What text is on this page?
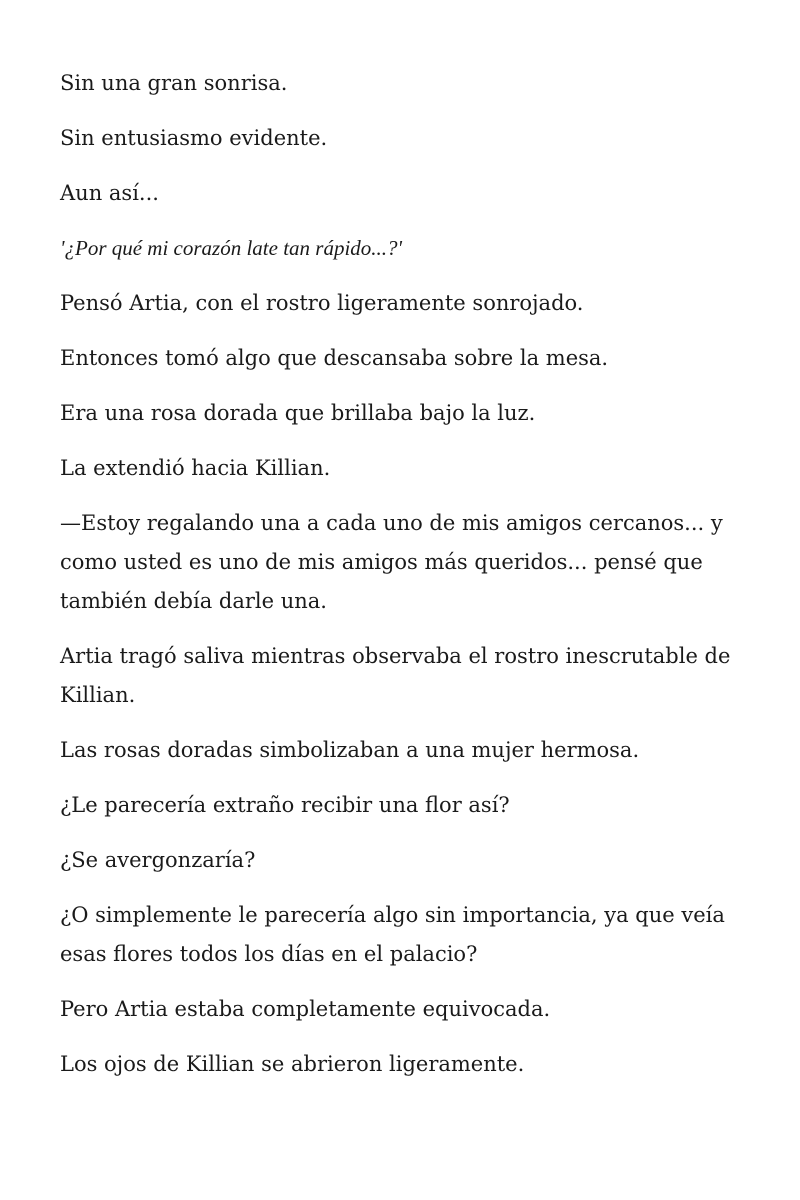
Sin una gran sonrisa.

Sin entusiasmo evidente.

Aun así...

'¿Por qué mi corazón late tan rápido...?'

Pensó Artia, con el rostro ligeramente sonrojado.

Entonces tomó algo que descansaba sobre la mesa.

Era una rosa dorada que brillaba bajo la luz.

La extendió hacia Killian.

—Estoy regalando una a cada uno de mis amigos cercanos... y como usted es uno de mis amigos más queridos... pensé que también debía darle una.

Artia tragó saliva mientras observaba el rostro inescrutable de Killian.

Las rosas doradas simbolizaban a una mujer hermosa.

¿Le parecería extraño recibir una flor así?

¿Se avergonzaría?

¿O simplemente le parecería algo sin importancia, ya que veía esas flores todos los días en el palacio?

Pero Artia estaba completamente equivocada.

Los ojos de Killian se abrieron ligeramente.
